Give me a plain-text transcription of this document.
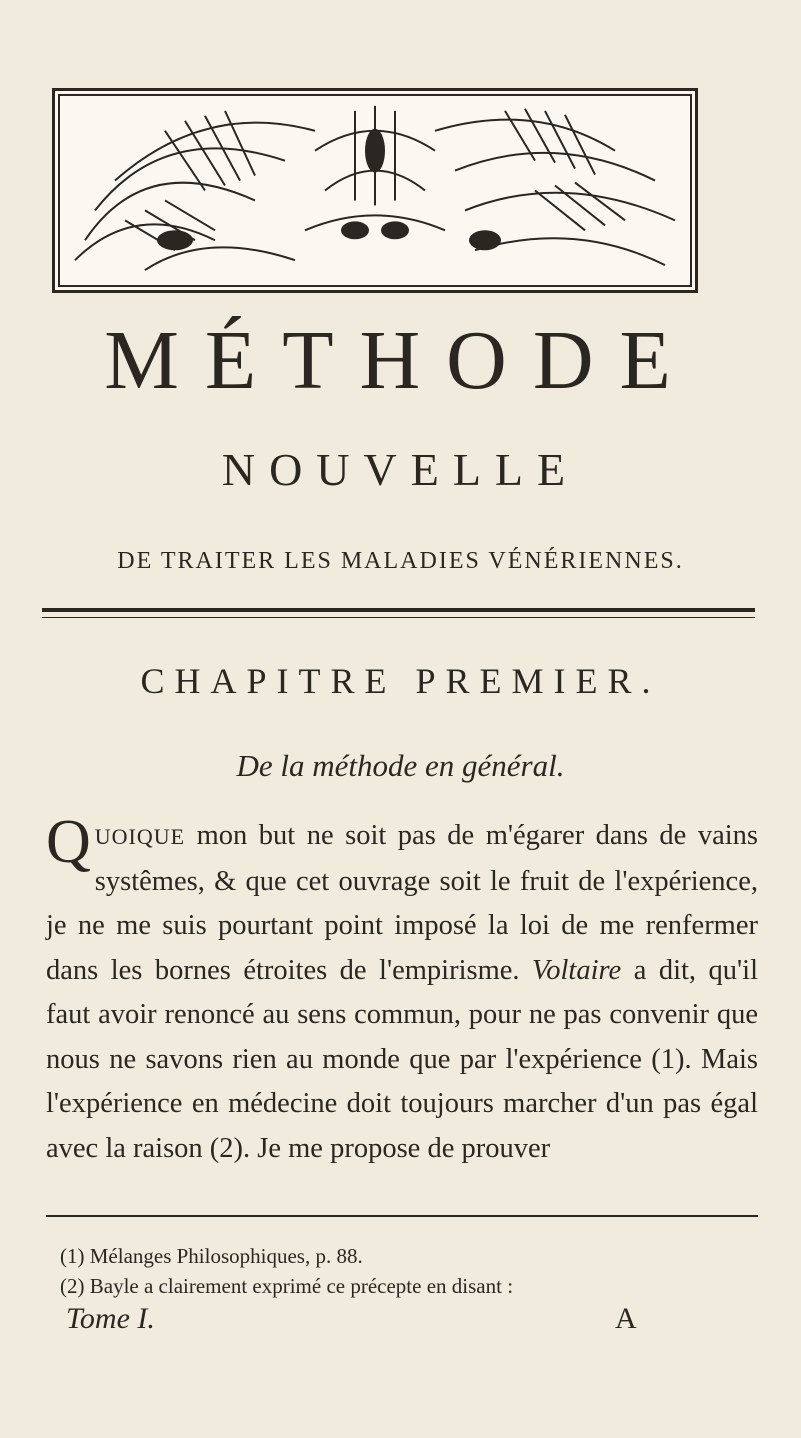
MÉTHODE
NOUVELLE
DE TRAITER LES MALADIES VÉNÉRIENNES.
CHAPITRE PREMIER.
De la méthode en général.
QUOIQUE mon but ne soit pas de m'égarer dans de vains systêmes, & que cet ouvrage soit le fruit de l'expérience, je ne me suis pourtant point imposé la loi de me renfermer dans les bornes étroites de l'empirisme. Voltaire a dit, qu'il faut avoir renoncé au sens commun, pour ne pas convenir que nous ne savons rien au monde que par l'expérience (1). Mais l'expérience en médecine doit toujours marcher d'un pas égal avec la raison (2). Je me propose de prouver
(1) Mélanges Philosophiques, p. 88.
(2) Bayle a clairement exprimé ce précepte en disant :
Tome I.	A
